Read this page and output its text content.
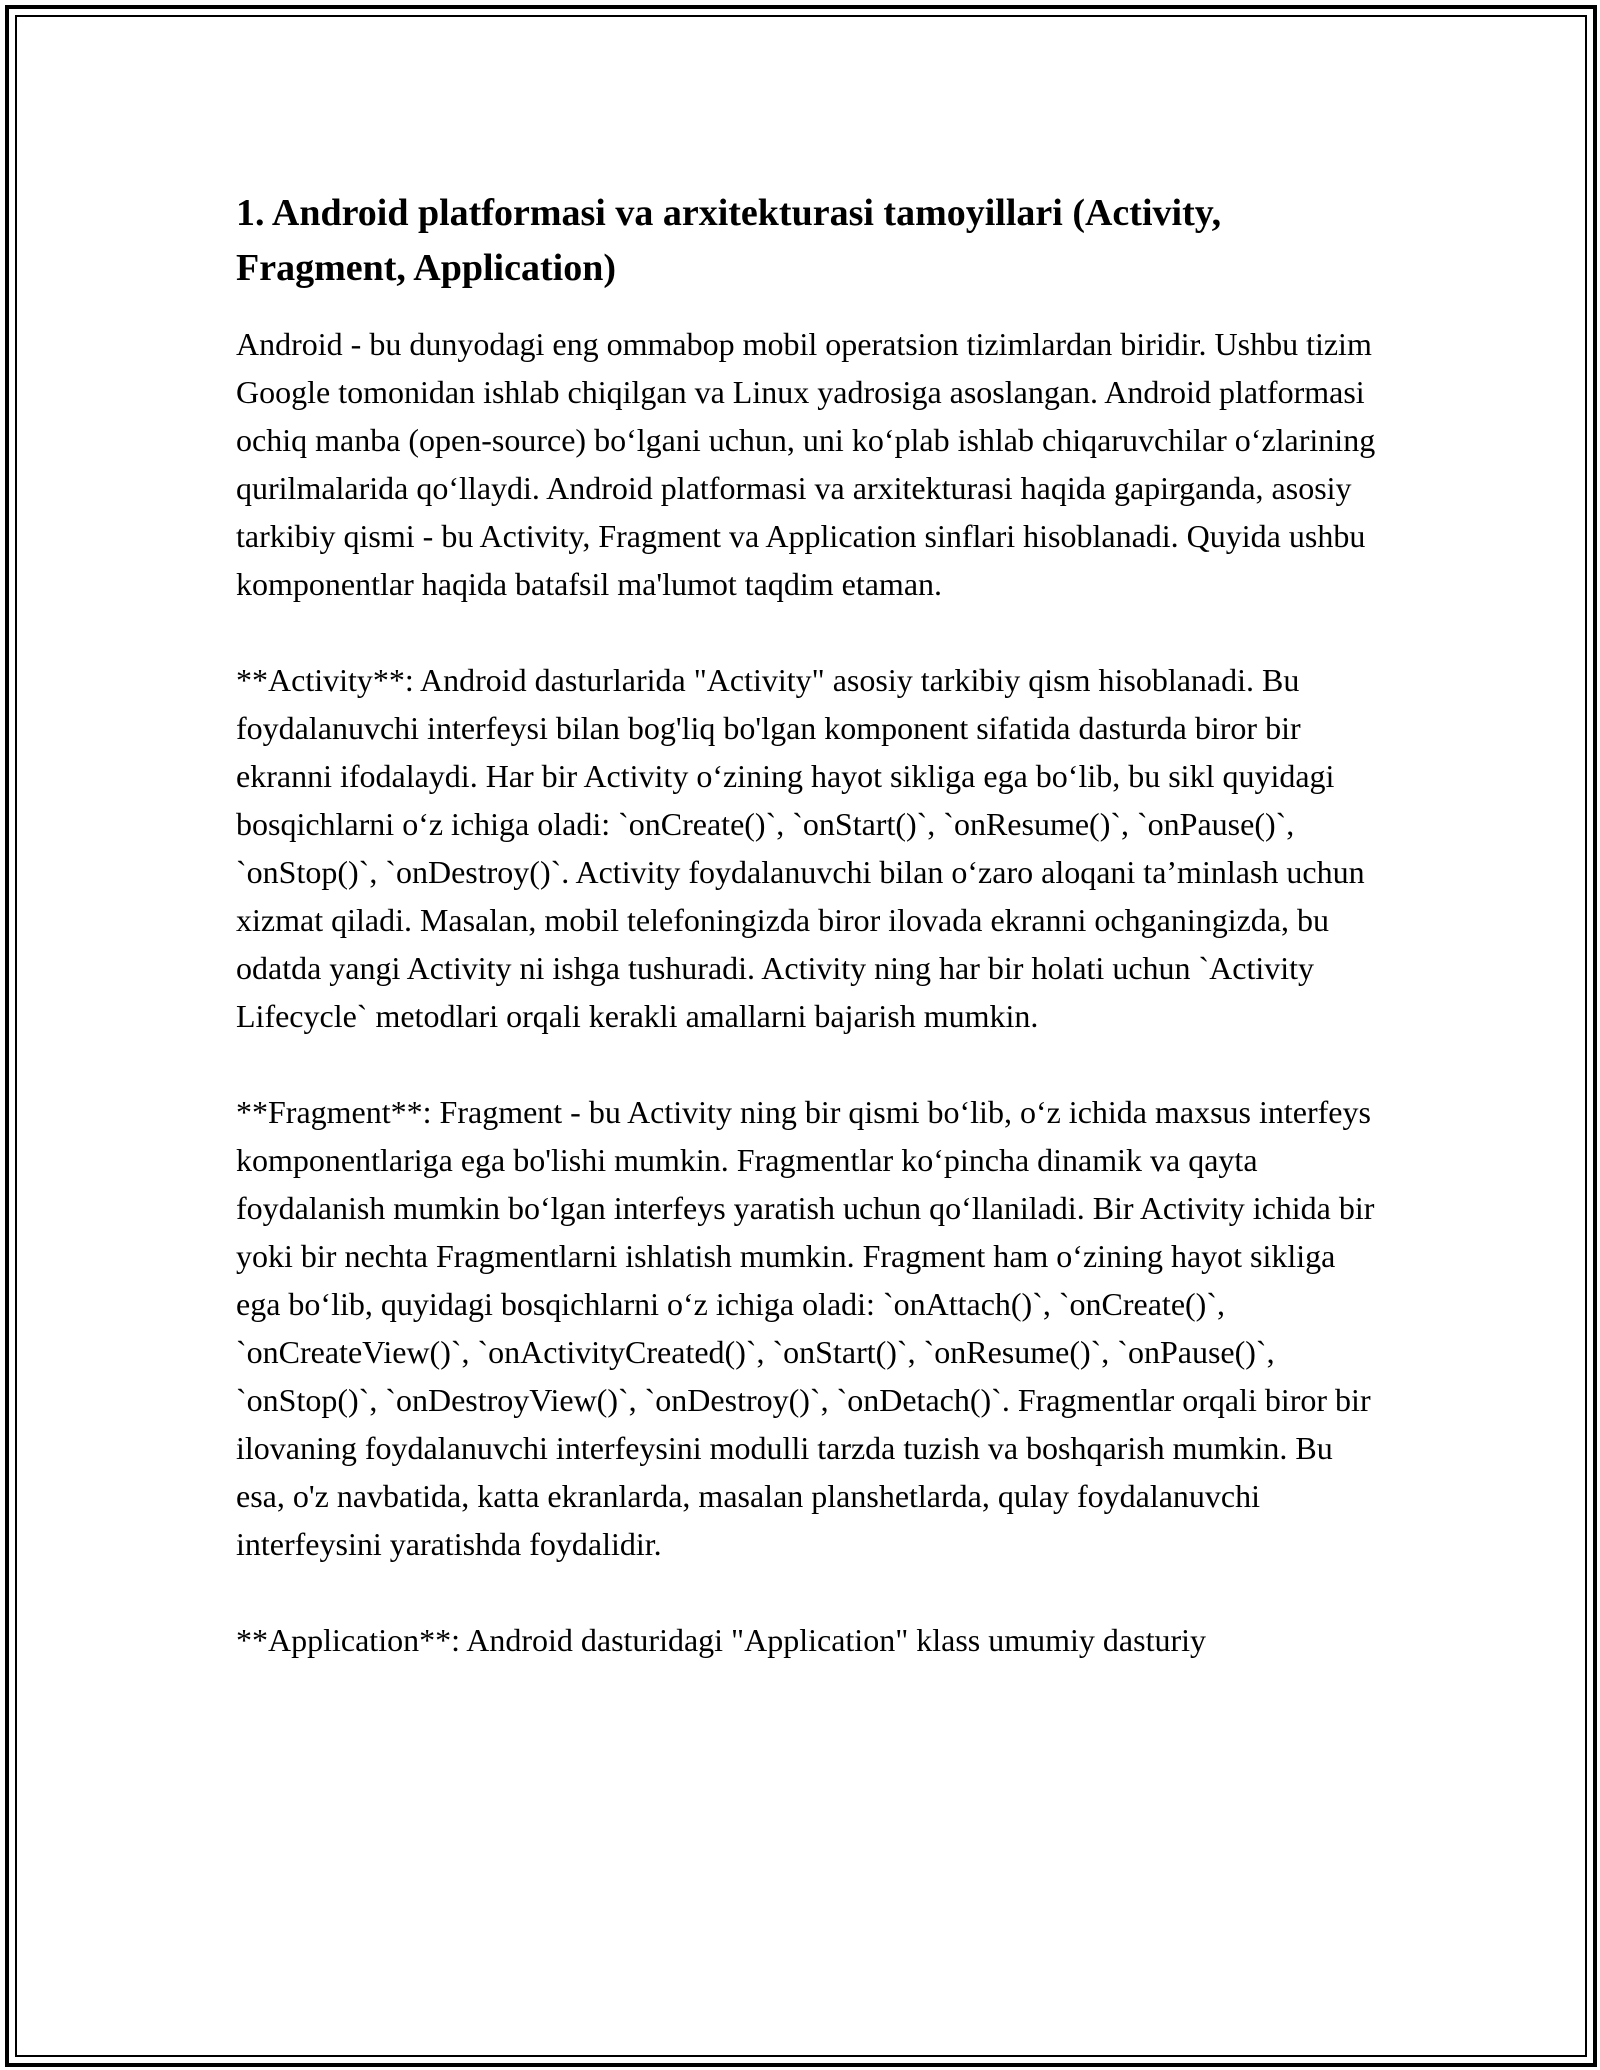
1. Android platformasi va arxitekturasi tamoyillari (Activity, Fragment, Application)

Android - bu dunyodagi eng ommabop mobil operatsion tizimlardan biridir. Ushbu tizim Google tomonidan ishlab chiqilgan va Linux yadrosiga asoslangan. Android platformasi ochiq manba (open-source) bo‘lgani uchun, uni ko‘plab ishlab chiqaruvchilar o‘zlarining qurilmalarida qo‘llaydi. Android platformasi va arxitekturasi haqida gapirganda, asosiy tarkibiy qismi - bu Activity, Fragment va Application sinflari hisoblanadi. Quyida ushbu komponentlar haqida batafsil ma'lumot taqdim etaman.

**Activity**: Android dasturlarida "Activity" asosiy tarkibiy qism hisoblanadi. Bu foydalanuvchi interfeysi bilan bog'liq bo'lgan komponent sifatida dasturda biror bir ekranni ifodalaydi. Har bir Activity o‘zining hayot sikliga ega bo‘lib, bu sikl quyidagi bosqichlarni o‘z ichiga oladi: `onCreate()`, `onStart()`, `onResume()`, `onPause()`, `onStop()`, `onDestroy()`. Activity foydalanuvchi bilan o‘zaro aloqani ta’minlash uchun xizmat qiladi. Masalan, mobil telefoningizda biror ilovada ekranni ochganingizda, bu odatda yangi Activity ni ishga tushuradi. Activity ning har bir holati uchun `Activity Lifecycle` metodlari orqali kerakli amallarni bajarish mumkin.

**Fragment**: Fragment - bu Activity ning bir qismi bo‘lib, o‘z ichida maxsus interfeys komponentlariga ega bo'lishi mumkin. Fragmentlar ko‘pincha dinamik va qayta foydalanish mumkin bo‘lgan interfeys yaratish uchun qo‘llaniladi. Bir Activity ichida bir yoki bir nechta Fragmentlarni ishlatish mumkin. Fragment ham o‘zining hayot sikliga ega bo‘lib, quyidagi bosqichlarni o‘z ichiga oladi: `onAttach()`, `onCreate()`, `onCreateView()`, `onActivityCreated()`, `onStart()`, `onResume()`, `onPause()`, `onStop()`, `onDestroyView()`, `onDestroy()`, `onDetach()`. Fragmentlar orqali biror bir ilovaning foydalanuvchi interfeysini modulli tarzda tuzish va boshqarish mumkin. Bu esa, o'z navbatida, katta ekranlarda, masalan planshetlarda, qulay foydalanuvchi interfeysini yaratishda foydalidir.

**Application**: Android dasturidagi "Application" klass umumiy dasturiy
